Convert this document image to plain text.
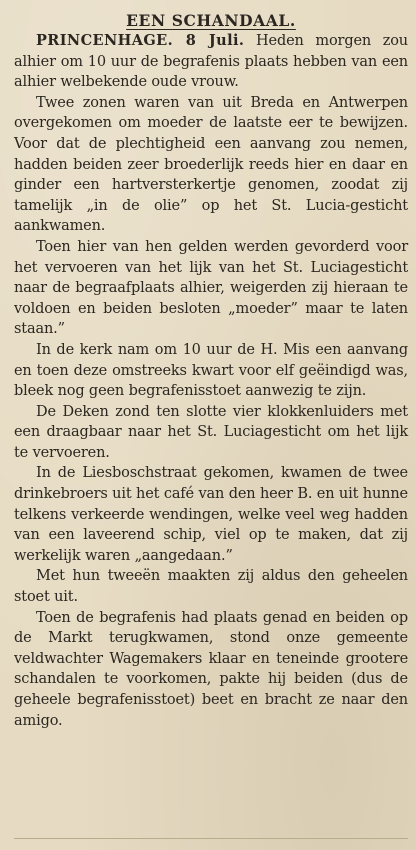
EEN SCHANDAAL.

PRINCENHAGE. 8 Juli. Heden morgen zou alhier om 10 uur de begrafenis plaats hebben van een alhier welbekende oude vrouw.

Twee zonen waren van uit Breda en Antwerpen overgekomen om moeder de laatste eer te bewijzen. Voor dat de plechtigheid een aanvang zou nemen, hadden beiden zeer broederlijk reeds hier en daar en ginder een hartversterkertje genomen, zoodat zij tamelijk „in de olie” op het St. Lucia-gesticht aankwamen.

Toen hier van hen gelden werden gevorderd voor het vervoeren van het lijk van het St. Luciagesticht naar de begraafplaats alhier, weigerden zij hieraan te voldoen en beiden besloten „moeder” maar te laten staan.”

In de kerk nam om 10 uur de H. Mis een aanvang en toen deze omstreeks kwart voor elf geëindigd was, bleek nog geen begrafenisstoet aanwezig te zijn.

De Deken zond ten slotte vier klokkenluiders met een draagbaar naar het St. Luciagesticht om het lijk te vervoeren.

In de Liesboschstraat gekomen, kwamen de twee drinkebroers uit het café van den heer B. en uit hunne telkens verkeerde wendingen, welke veel weg hadden van een laveerend schip, viel op te maken, dat zij werkelijk waren „aangedaan.”

Met hun tweeën maakten zij aldus den geheelen stoet uit.

Toen de begrafenis had plaats genad en beiden op de Markt terugkwamen, stond onze gemeente veldwachter Wagemakers klaar en teneinde grootere schandalen te voorkomen, pakte hij beiden (dus de geheele begrafenisstoet) beet en bracht ze naar den amigo.
